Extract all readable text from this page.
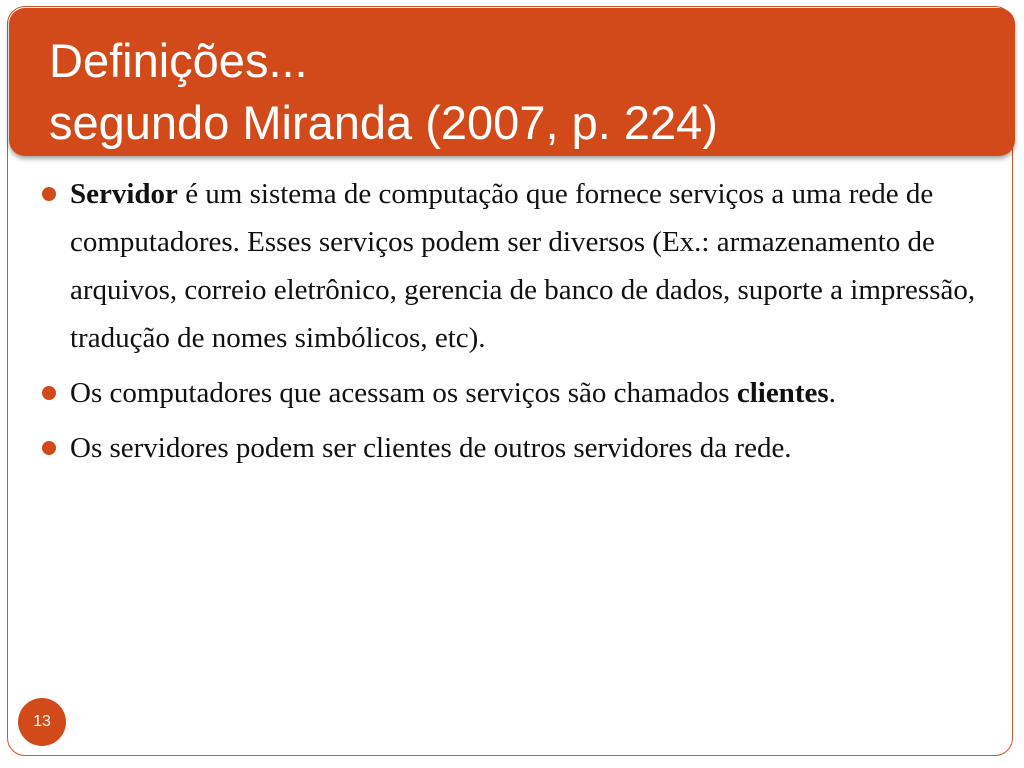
Definições...
segundo Miranda (2007, p. 224)
Servidor é um sistema de computação que fornece serviços a uma rede de computadores. Esses serviços podem ser diversos (Ex.: armazenamento de arquivos, correio eletrônico, gerencia de banco de dados, suporte a impressão, tradução de nomes simbólicos, etc).
Os computadores que acessam os serviços são chamados clientes.
Os servidores podem ser clientes de outros servidores da rede.
13
